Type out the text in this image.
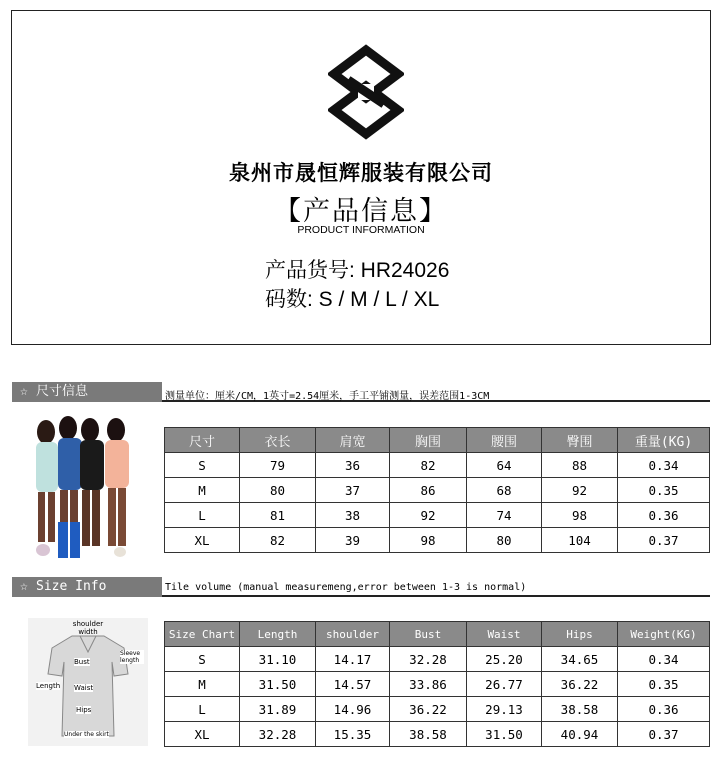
泉州市晟恒辉服装有限公司
【产品信息】
PRODUCT INFORMATION
产品货号: HR24026
码数: S / M / L / XL
☆ 尺寸信息	测量单位：厘米/CM，1英寸=2.54厘米，手工平铺测量，误差范围1-3CM
尺寸	衣长	肩宽	胸围	腰围	臀围	重量(KG)
S	79	36	82	64	88	0.34
M	80	37	86	68	92	0.35
L	81	38	92	74	98	0.36
XL	82	39	98	80	104	0.37
☆ Size Info	Tile volume (manual measuremeng,error between 1-3 is normal)
shoulder width
Sleeve length
Bust
Length Waist
Hips
Under the skirt
Size Chart	Length	shoulder	Bust	Waist	Hips	Weight(KG)
S	31.10	14.17	32.28	25.20	34.65	0.34
M	31.50	14.57	33.86	26.77	36.22	0.35
L	31.89	14.96	36.22	29.13	38.58	0.36
XL	32.28	15.35	38.58	31.50	40.94	0.37
